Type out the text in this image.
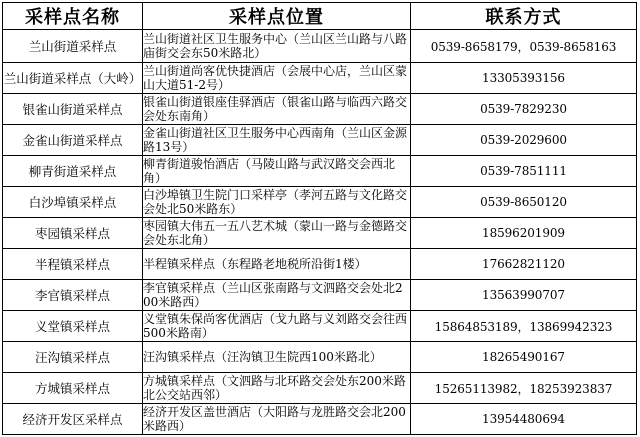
采样点名称	采样点位置	联系方式
兰山街道采样点	兰山街道社区卫生服务中心（兰山区兰山路与八路庙街交会东50米路北）	0539-8658179，0539-8658163
兰山街道采样点（大岭）	兰山街道尚客优快捷酒店（会展中心店，兰山区蒙山大道51-2号）	13305393156
银雀山街道采样点	银雀山街道银座佳驿酒店（银雀山路与临西六路交会处东南角）	0539-7829230
金雀山街道采样点	金雀山街道社区卫生服务中心西南角（兰山区金源路13号）	0539-2029600
柳青街道采样点	柳青街道骏怡酒店（马陵山路与武汉路交会西北角）	0539-7851111
白沙埠镇采样点	白沙埠镇卫生院门口采样亭（孝河五路与文化路交会处北50米路东）	0539-8650120
枣园镇采样点	枣园镇大伟五一五八艺术城（蒙山一路与金德路交会处东北角）	18596201909
半程镇采样点	半程镇采样点（东程路老地税所沿街1楼）	17662821120
李官镇采样点	李官镇采样点（兰山区张南路与文泗路交会处北200米路西）	13563990707
义堂镇采样点	义堂镇朱保尚客优酒店（戈九路与义刘路交会往西500米路南）	15864853189，13869942323
汪沟镇采样点	汪沟镇采样点（汪沟镇卫生院西100米路北）	18265490167
方城镇采样点	方城镇采样点（文泗路与北环路交会处东200米路北公交站西邻）	15265113982，18253923837
经济开发区采样点	经济开发区盖世酒店（大阳路与龙胜路交会北200米路西）	13954480694
